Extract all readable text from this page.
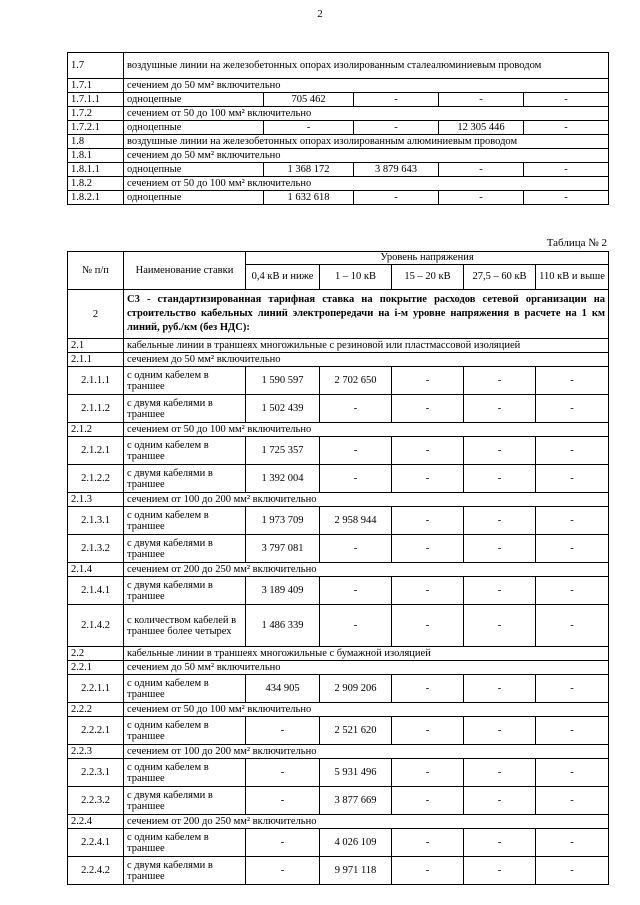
2
1.7	воздушные линии на железобетонных опорах изолированным сталеалюминиевым проводом				
1.7.1	сечением до 50 мм² включительно				
1.7.1.1	одноцепные	705 462	-	-	-
1.7.2	сечением от 50 до 100 мм² включительно				
1.7.2.1	одноцепные	-	-	12 305 446	-
1.8	воздушные линии на железобетонных опорах изолированным алюминиевым проводом				
1.8.1	сечением до 50 мм² включительно				
1.8.1.1	одноцепные	1 368 172	3 879 643	-	-
1.8.2	сечением от 50 до 100 мм² включительно				
1.8.2.1	одноцепные	1 632 618	-	-	-
Таблица № 2
№ п/п	Наименование ставки	Уровень напряжения				
		0,4 кВ и ниже	1 – 10 кВ	15 – 20 кВ	27,5 – 60 кВ	110 кВ и выше
2	С3 - стандартизированная тарифная ставка на покрытие расходов сетевой организации на строительство кабельных линий электропередачи на i-м уровне напряжения в расчете на 1 км линий, руб./км (без НДС):					
2.1	кабельные линии в траншеях многожильные с резиновой или пластмассовой изоляцией					
2.1.1	сечением до 50 мм² включительно					
2.1.1.1	с одним кабелем в траншее	1 590 597	2 702 650	-	-	-
2.1.1.2	с двумя кабелями в траншее	1 502 439	-	-	-	-
2.1.2	сечением от 50 до 100 мм² включительно					
2.1.2.1	с одним кабелем в траншее	1 725 357	-	-	-	-
2.1.2.2	с двумя кабелями в траншее	1 392 004	-	-	-	-
2.1.3	сечением от 100 до 200 мм² включительно					
2.1.3.1	с одним кабелем в траншее	1 973 709	2 958 944	-	-	-
2.1.3.2	с двумя кабелями в траншее	3 797 081	-	-	-	-
2.1.4	сечением от 200 до 250 мм² включительно					
2.1.4.1	с двумя кабелями в траншее	3 189 409	-	-	-	-
2.1.4.2	с количеством кабелей в траншее более четырех	1 486 339	-	-	-	-
2.2	кабельные линии в траншеях многожильные с бумажной изоляцией					
2.2.1	сечением до 50 мм² включительно					
2.2.1.1	с одним кабелем в траншее	434 905	2 909 206	-	-	-
2.2.2	сечением от 50 до 100 мм² включительно					
2.2.2.1	с одним кабелем в траншее	-	2 521 620	-	-	-
2.2.3	сечением от 100 до 200 мм² включительно					
2.2.3.1	с одним кабелем в траншее	-	5 931 496	-	-	-
2.2.3.2	с двумя кабелями в траншее	-	3 877 669	-	-	-
2.2.4	сечением от 200 до 250 мм² включительно					
2.2.4.1	с одним кабелем в траншее	-	4 026 109	-	-	-
2.2.4.2	с двумя кабелями в траншее	-	9 971 118	-	-	-
